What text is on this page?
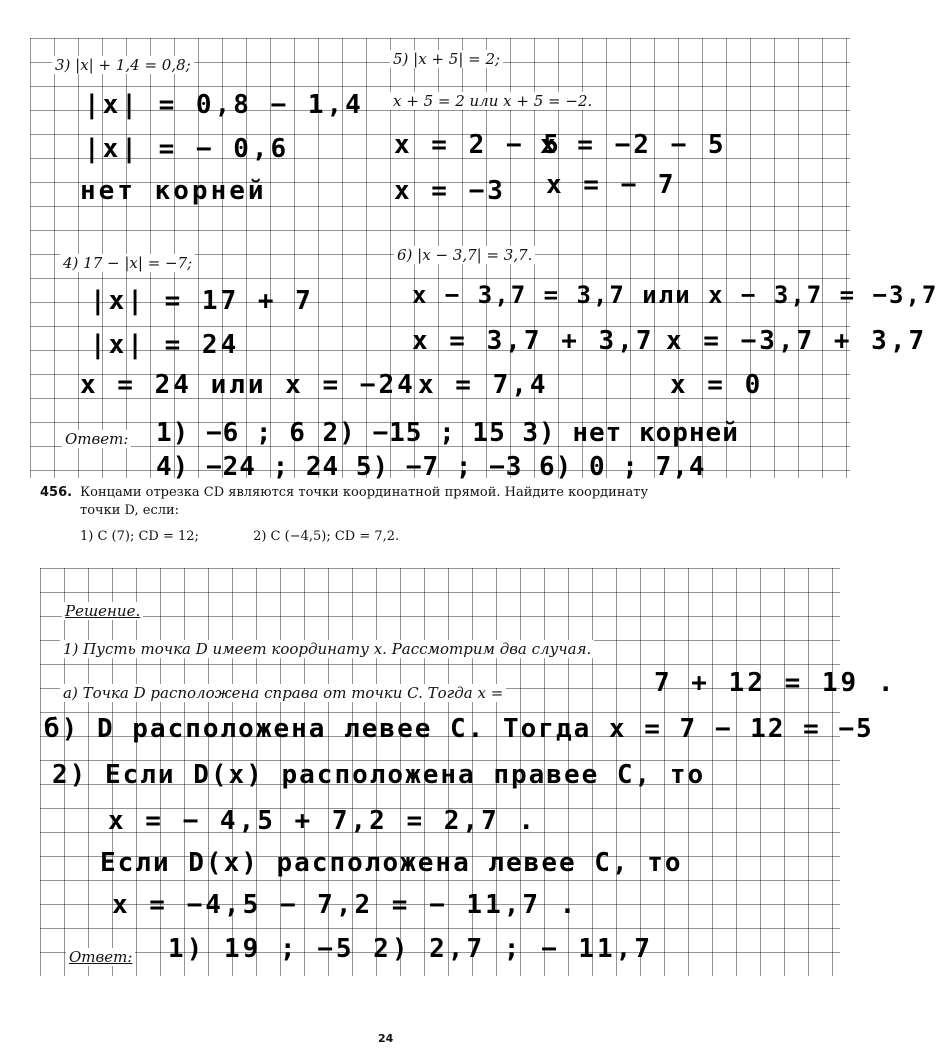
3) |x| + 1,4 = 0,8;
|x| = 0,8 − 1,4
|x| = − 0,6
нет корней
5) |x + 5| = 2;
x + 5 = 2 или x + 5 = −2.
x = 2 − 5
x = −2 − 5
x = −3 x = − 7
4) 17 − |x| = −7;
|x| = 17 + 7
|x| = 24
x = 24 или x = −24
6) |x − 3,7| = 3,7.
x − 3,7 = 3,7 или x − 3,7 = −3,7
x = 3,7 + 3,7 x = −3,7 + 3,7
x = 7,4	x = 0
Ответ: 1) −6 ; 6 2) −15 ; 15 3) нет корней
4) −24 ; 24 5) −7 ; −3 6) 0 ; 7,4

456. Концами отрезка CD являются точки координатной прямой. Найдите координату

точки D, если:

1) C (7); CD = 12;	2) C (−4,5); CD = 7,2.

Решение.
1) Пусть точка D имеет координату x. Рассмотрим два случая.
а) Точка D расположена справа от точки C. Тогда x =	7 + 12 = 19 .
б) D расположена левее C. Тогда x = 7 − 12 = −5
2) Если D(x) расположена правее C, то
x = − 4,5 + 7,2 = 2,7 .
Если D(x) расположена левее C, то
x = −4,5 − 7,2 = − 11,7 .
Ответ: 1) 19 ; −5 2) 2,7 ; − 11,7
24
